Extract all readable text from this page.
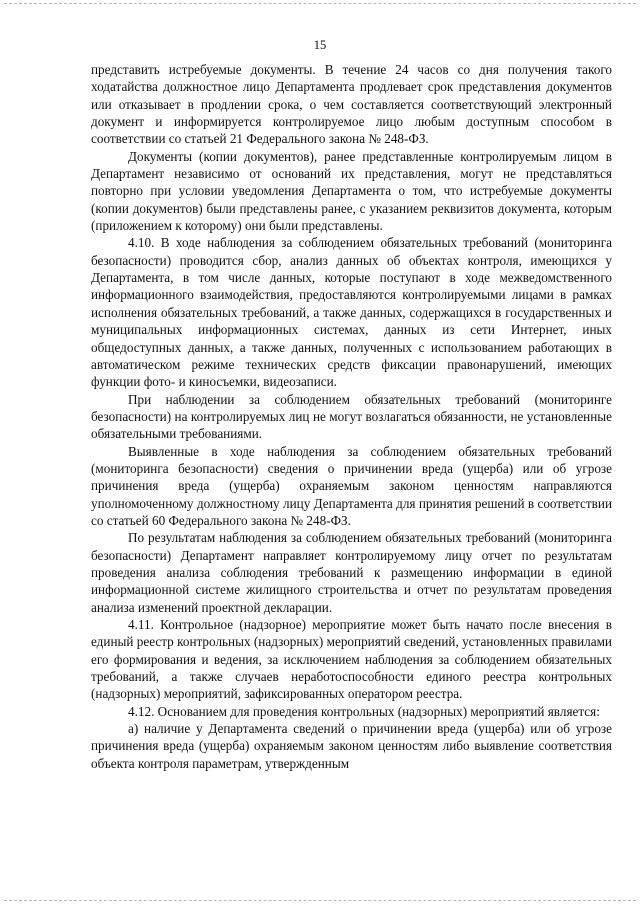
15

представить истребуемые документы. В течение 24 часов со дня получения такого ходатайства должностное лицо Департамента продлевает срок представления документов или отказывает в продлении срока, о чем составляется соответствующий электронный документ и информируется контролируемое лицо любым доступным способом в соответствии со статьей 21 Федерального закона № 248-ФЗ.

Документы (копии документов), ранее представленные контролируемым лицом в Департамент независимо от оснований их представления, могут не представляться повторно при условии уведомления Департамента о том, что истребуемые документы (копии документов) были представлены ранее, с указанием реквизитов документа, которым (приложением к которому) они были представлены.

4.10. В ходе наблюдения за соблюдением обязательных требований (мониторинга безопасности) проводится сбор, анализ данных об объектах контроля, имеющихся у Департамента, в том числе данных, которые поступают в ходе межведомственного информационного взаимодействия, предоставляются контролируемыми лицами в рамках исполнения обязательных требований, а также данных, содержащихся в государственных и муниципальных информационных системах, данных из сети Интернет, иных общедоступных данных, а также данных, полученных с использованием работающих в автоматическом режиме технических средств фиксации правонарушений, имеющих функции фото- и киносъемки, видеозаписи.

При наблюдении за соблюдением обязательных требований (мониторинге безопасности) на контролируемых лиц не могут возлагаться обязанности, не установленные обязательными требованиями.

Выявленные в ходе наблюдения за соблюдением обязательных требований (мониторинга безопасности) сведения о причинении вреда (ущерба) или об угрозе причинения вреда (ущерба) охраняемым законом ценностям направляются уполномоченному должностному лицу Департамента для принятия решений в соответствии со статьей 60 Федерального закона № 248-ФЗ.

По результатам наблюдения за соблюдением обязательных требований (мониторинга безопасности) Департамент направляет контролируемому лицу отчет по результатам проведения анализа соблюдения требований к размещению информации в единой информационной системе жилищного строительства и отчет по результатам проведения анализа изменений проектной декларации.

4.11. Контрольное (надзорное) мероприятие может быть начато после внесения в единый реестр контрольных (надзорных) мероприятий сведений, установленных правилами его формирования и ведения, за исключением наблюдения за соблюдением обязательных требований, а также случаев неработоспособности единого реестра контрольных (надзорных) мероприятий, зафиксированных оператором реестра.

4.12. Основанием для проведения контрольных (надзорных) мероприятий является:

а) наличие у Департамента сведений о причинении вреда (ущерба) или об угрозе причинения вреда (ущерба) охраняемым законом ценностям либо выявление соответствия объекта контроля параметрам, утвержденным
